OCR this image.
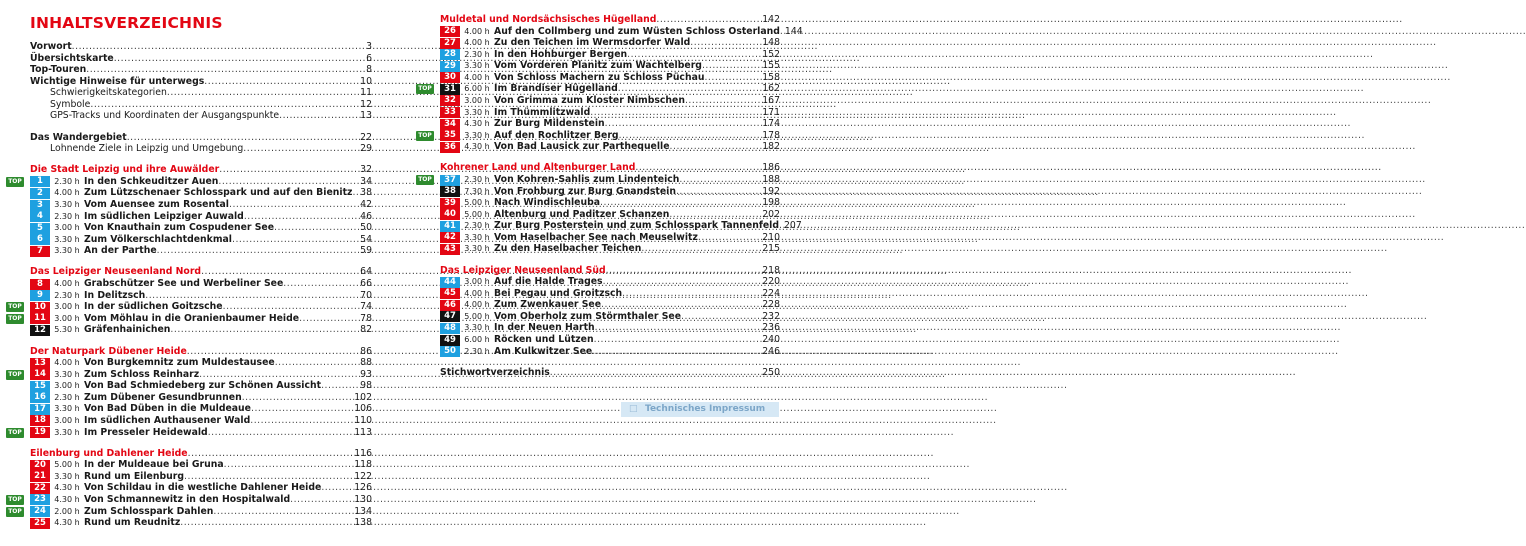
INHALTSVERZEICHNIS
Vorwort .....	3
Übersichtskarte .....	6
Top-Touren .....	8
Wichtige Hinweise für unterwegs .....	10
Schwierigkeitskategorien .....	11
Symbole .....	12
GPS-Tracks und Koordinaten der Ausgangspunkte .....	13
Das Wandergebiet .....	22
Lohnende Ziele in Leipzig und Umgebung .....	29
Die Stadt Leipzig und ihre Auwälder .....	32
TOP	1	2.30 h In den Schkeuditzer Auen .....	34
2	4.00 h Zum Lützschenaer Schlosspark und auf den Bienitz ..... 38
3	3.30 h Vom Auensee zum Rosental .....	42
4	2.30 h Im südlichen Leipziger Auwald .....	46
5	3.00 h Von Knauthain zum Cospudener See .....	50
6	3.30 h Zum Völkerschlachtdenkmal .....	54
7	3.30 h An der Parthe .....	59
Das Leipziger Neuseenland Nord .....	64
8	4.00 h Grabschützer See und Werbeliner See .....	66
9	2.30 h In Delitzsch .....	70
TOP	10	3.00 h In der südlichen Goitzsche .....	74
TOP	11	3.00 h Vom Möhlau in die Oranienbaumer Heide .....	78
12	5.30 h Gräfenhainichen .....	82
Der Naturpark Dübener Heide .....	86
13	4.00 h Von Burgkemnitz zum Muldestausee .....	88
TOP	14	3.30 h Zum Schloss Reinharz .....	93
15	3.00 h Von Bad Schmiedeberg zur Schönen Aussicht .....	98
16	2.30 h Zum Dübener Gesundbrunnen .....	102
17	3.30 h Von Bad Düben in die Muldeaue .....	106
18	3.00 h Im südlichen Authausener Wald .....	110
TOP	19	3.30 h Im Presseler Heidewald .....	113
Eilenburg und Dahlener Heide .....	116
20	5.00 h In der Muldeaue bei Gruna .....	118
21	3.30 h Rund um Eilenburg .....	122
22	4.30 h Von Schildau in die westliche Dahlener Heide .....	126
TOP	23	4.30 h Von Schmannewitz in den Hospitalwald .....	130
TOP	24	2.00 h Zum Schlosspark Dahlen .....	134
25	4.30 h Rund um Reudnitz .....	138
Muldetal und Nordsächsisches Hügelland .....	142
26	4.00 h Auf den Collmberg und zum Wüsten Schloss Osterland ..... 144
27	4.00 h Zu den Teichen im Wermsdorfer Wald .....	148
28	2.30 h In den Hohburger Bergen .....	152
29	3.30 h Vom Vorderen Planitz zum Wachtelberg .....	155
30	4.00 h Von Schloss Machern zu Schloss Püchau .....	158
TOP	31	6.00 h Im Brandiser Hügelland .....	162
32	3.00 h Von Grimma zum Kloster Nimbschen .....	167
33	3.30 h Im Thümmlitzwald .....	171
34	4.30 h Zur Burg Mildenstein .....	174
TOP	35	3.30 h Auf den Rochlitzer Berg .....	178
36	4.30 h Von Bad Lausick zur Parthequelle .....	182
Kohrener Land und Altenburger Land .....	186
TOP	37	2.30 h Von Kohren-Sahlis zum Lindenteich .....	188
38	7.30 h Von Frohburg zur Burg Gnandstein .....	192
39	5.00 h Nach Windischleuba .....	198
40	5.00 h Altenburg und Paditzer Schanzen .....	202
41	2.30 h Zur Burg Posterstein und zum Schlosspark Tannenfeld ..... 207
42	3.30 h Vom Haselbacher See nach Meuselwitz .....	210
43	3.30 h Zu den Haselbacher Teichen .....	215
Das Leipziger Neuseenland Süd .....	218
44	3.00 h Auf die Halde Trages .....	220
45	4.00 h Bei Pegau und Groitzsch .....	224
46	4.00 h Zum Zwenkauer See .....	228
47	5.00 h Vom Oberholz zum Störmthaler See .....	232
48	3.30 h In der Neuen Harth .....	236
49	6.00 h Röcken und Lützen .....	240
50	2.30 h Am Kulkwitzer See .....	246
Stichwortverzeichnis .....	250
□ Technisches Impressum
